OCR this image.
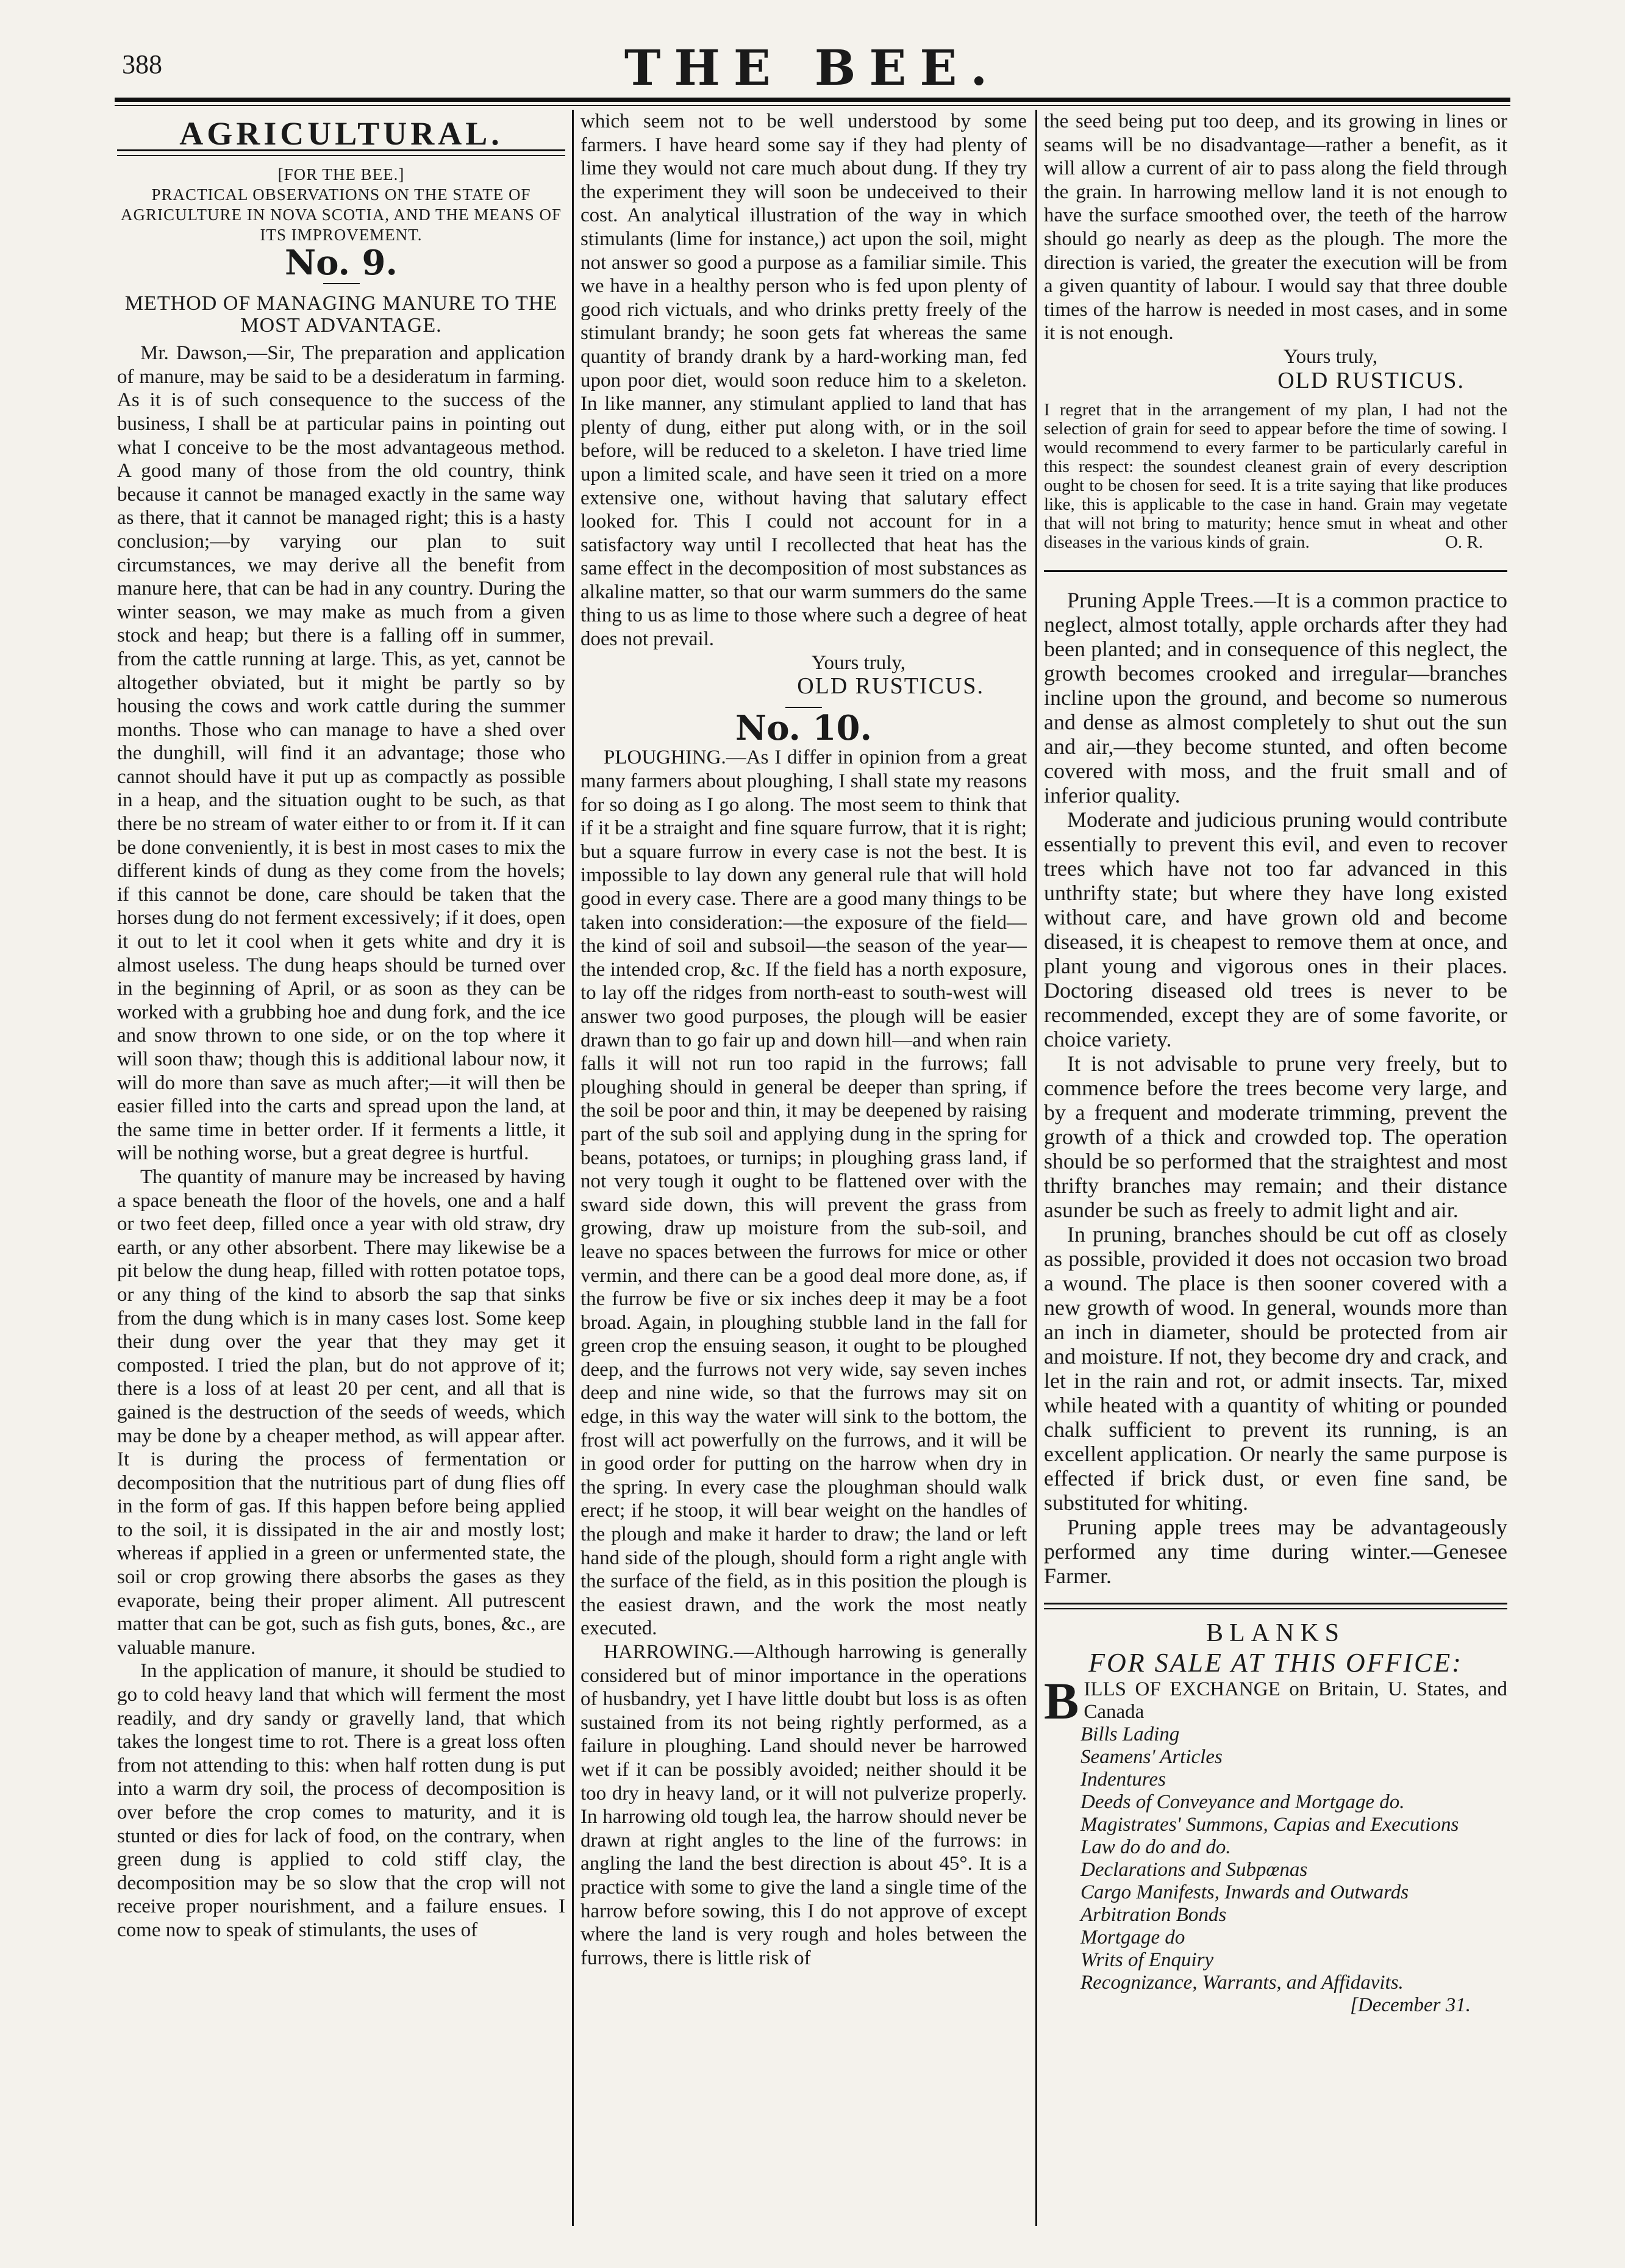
388	THE BEE.
AGRICULTURAL.
[FOR THE BEE.]
PRACTICAL OBSERVATIONS ON THE STATE OF AGRICULTURE IN NOVA SCOTIA, AND THE MEANS OF ITS IMPROVEMENT.
No. 9.
METHOD OF MANAGING MANURE TO THE MOST ADVANTAGE.

Mr. Dawson,—Sir, The preparation and application of manure, may be said to be a desideratum in farming. As it is of such consequence to the success of the business, I shall be at particular pains in pointing out what I conceive to be the most advantageous method. A good many of those from the old country, think because it cannot be managed exactly in the same way as there, that it cannot be managed right; this is a hasty conclusion;—by varying our plan to suit circumstances, we may derive all the benefit from manure here, that can be had in any country. During the winter season, we may make as much from a given stock and heap; but there is a falling off in summer, from the cattle running at large. This, as yet, cannot be altogether obviated, but it might be partly so by housing the cows and work cattle during the summer months. Those who can manage to have a shed over the dunghill, will find it an advantage; those who cannot should have it put up as compactly as possible in a heap, and the situation ought to be such, as that there be no stream of water either to or from it. If it can be done conveniently, it is best in most cases to mix the different kinds of dung as they come from the hovels; if this cannot be done, care should be taken that the horses dung do not ferment excessively; if it does, open it out to let it cool when it gets white and dry it is almost useless. The dung heaps should be turned over in the beginning of April, or as soon as they can be worked with a grubbing hoe and dung fork, and the ice and snow thrown to one side, or on the top where it will soon thaw; though this is additional labour now, it will do more than save as much after;—it will then be easier filled into the carts and spread upon the land, at the same time in better order. If it ferments a little, it will be nothing worse, but a great degree is hurtful.

The quantity of manure may be increased by having a space beneath the floor of the hovels, one and a half or two feet deep, filled once a year with old straw, dry earth, or any other absorbent. There may likewise be a pit below the dung heap, filled with rotten potatoe tops, or any thing of the kind to absorb the sap that sinks from the dung which is in many cases lost. Some keep their dung over the year that they may get it composted. I tried the plan, but do not approve of it; there is a loss of at least 20 per cent, and all that is gained is the destruction of the seeds of weeds, which may be done by a cheaper method, as will appear after. It is during the process of fermentation or decomposition that the nutritious part of dung flies off in the form of gas. If this happen before being applied to the soil, it is dissipated in the air and mostly lost; whereas if applied in a green or unfermented state, the soil or crop growing there absorbs the gases as they evaporate, being their proper aliment. All putrescent matter that can be got, such as fish guts, bones, &c., are valuable manure.

In the application of manure, it should be studied to go to cold heavy land that which will ferment the most readily, and dry sandy or gravelly land, that which takes the longest time to rot. There is a great loss often from not attending to this: when half rotten dung is put into a warm dry soil, the process of decomposition is over before the crop comes to maturity, and it is stunted or dies for lack of food, on the contrary, when green dung is applied to cold stiff clay, the decomposition may be so slow that the crop will not receive proper nourishment, and a failure ensues. I come now to speak of stimulants, the uses of

which seem not to be well understood by some farmers. I have heard some say if they had plenty of lime they would not care much about dung. If they try the experiment they will soon be undeceived to their cost. An analytical illustration of the way in which stimulants (lime for instance,) act upon the soil, might not answer so good a purpose as a familiar simile. This we have in a healthy person who is fed upon plenty of good rich victuals, and who drinks pretty freely of the stimulant brandy; he soon gets fat whereas the same quantity of brandy drank by a hard-working man, fed upon poor diet, would soon reduce him to a skeleton. In like manner, any stimulant applied to land that has plenty of dung, either put along with, or in the soil before, will be reduced to a skeleton. I have tried lime upon a limited scale, and have seen it tried on a more extensive one, without having that salutary effect looked for. This I could not account for in a satisfactory way until I recollected that heat has the same effect in the decomposition of most substances as alkaline matter, so that our warm summers do the same thing to us as lime to those where such a degree of heat does not prevail.

Yours truly,
OLD RUSTICUS.
No. 10.

PLOUGHING.—As I differ in opinion from a great many farmers about ploughing, I shall state my reasons for so doing as I go along. The most seem to think that if it be a straight and fine square furrow, that it is right; but a square furrow in every case is not the best. It is impossible to lay down any general rule that will hold good in every case. There are a good many things to be taken into consideration:—the exposure of the field—the kind of soil and subsoil—the season of the year—the intended crop, &c. If the field has a north exposure, to lay off the ridges from north-east to south-west will answer two good purposes, the plough will be easier drawn than to go fair up and down hill—and when rain falls it will not run too rapid in the furrows; fall ploughing should in general be deeper than spring, if the soil be poor and thin, it may be deepened by raising part of the sub soil and applying dung in the spring for beans, potatoes, or turnips; in ploughing grass land, if not very tough it ought to be flattened over with the sward side down, this will prevent the grass from growing, draw up moisture from the sub-soil, and leave no spaces between the furrows for mice or other vermin, and there can be a good deal more done, as, if the furrow be five or six inches deep it may be a foot broad. Again, in ploughing stubble land in the fall for green crop the ensuing season, it ought to be ploughed deep, and the furrows not very wide, say seven inches deep and nine wide, so that the furrows may sit on edge, in this way the water will sink to the bottom, the frost will act powerfully on the furrows, and it will be in good order for putting on the harrow when dry in the spring. In every case the ploughman should walk erect; if he stoop, it will bear weight on the handles of the plough and make it harder to draw; the land or left hand side of the plough, should form a right angle with the surface of the field, as in this position the plough is the easiest drawn, and the work the most neatly executed.

HARROWING.—Although harrowing is generally considered but of minor importance in the operations of husbandry, yet I have little doubt but loss is as often sustained from its not being rightly performed, as a failure in ploughing. Land should never be harrowed wet if it can be possibly avoided; neither should it be too dry in heavy land, or it will not pulverize properly. In harrowing old tough lea, the harrow should never be drawn at right angles to the line of the furrows: in angling the land the best direction is about 45°. It is a practice with some to give the land a single time of the harrow before sowing, this I do not approve of except where the land is very rough and holes between the furrows, there is little risk of

the seed being put too deep, and its growing in lines or seams will be no disadvantage—rather a benefit, as it will allow a current of air to pass along the field through the grain. In harrowing mellow land it is not enough to have the surface smoothed over, the teeth of the harrow should go nearly as deep as the plough. The more the direction is varied, the greater the execution will be from a given quantity of labour. I would say that three double times of the harrow is needed in most cases, and in some it is not enough.

Yours truly,
OLD RUSTICUS.
I regret that in the arrangement of my plan, I had not the selection of grain for seed to appear before the time of sowing. I would recommend to every farmer to be particularly careful in this respect: the soundest cleanest grain of every description ought to be chosen for seed. It is a trite saying that like produces like, this is applicable to the case in hand. Grain may vegetate that will not bring to maturity; hence smut in wheat and other diseases in the various kinds of grain.	O. R.

Pruning Apple Trees.—It is a common practice to neglect, almost totally, apple orchards after they had been planted; and in consequence of this neglect, the growth becomes crooked and irregular—branches incline upon the ground, and become so numerous and dense as almost completely to shut out the sun and air,—they become stunted, and often become covered with moss, and the fruit small and of inferior quality.

Moderate and judicious pruning would contribute essentially to prevent this evil, and even to recover trees which have not too far advanced in this unthrifty state; but where they have long existed without care, and have grown old and become diseased, it is cheapest to remove them at once, and plant young and vigorous ones in their places. Doctoring diseased old trees is never to be recommended, except they are of some favorite, or choice variety.

It is not advisable to prune very freely, but to commence before the trees become very large, and by a frequent and moderate trimming, prevent the growth of a thick and crowded top. The operation should be so performed that the straightest and most thrifty branches may remain; and their distance asunder be such as freely to admit light and air.

In pruning, branches should be cut off as closely as possible, provided it does not occasion two broad a wound. The place is then sooner covered with a new growth of wood. In general, wounds more than an inch in diameter, should be protected from air and moisture. If not, they become dry and crack, and let in the rain and rot, or admit insects. Tar, mixed while heated with a quantity of whiting or pounded chalk sufficient to prevent its running, is an excellent application. Or nearly the same purpose is effected if brick dust, or even fine sand, be substituted for whiting.

Pruning apple trees may be advantageously performed any time during winter.—Genesee Farmer.

BLANKS
FOR SALE AT THIS OFFICE:
BILLS OF EXCHANGE on Britain, U. States, and Canada
Bills Lading
Seamens' Articles
Indentures
Deeds of Conveyance and Mortgage do.
Magistrates' Summons, Capias and Executions
Law do do and do.
Declarations and Subpœnas
Cargo Manifests, Inwards and Outwards
Arbitration Bonds
Mortgage do
Writs of Enquiry
Recognizance, Warrants, and Affidavits.
[December 31.
